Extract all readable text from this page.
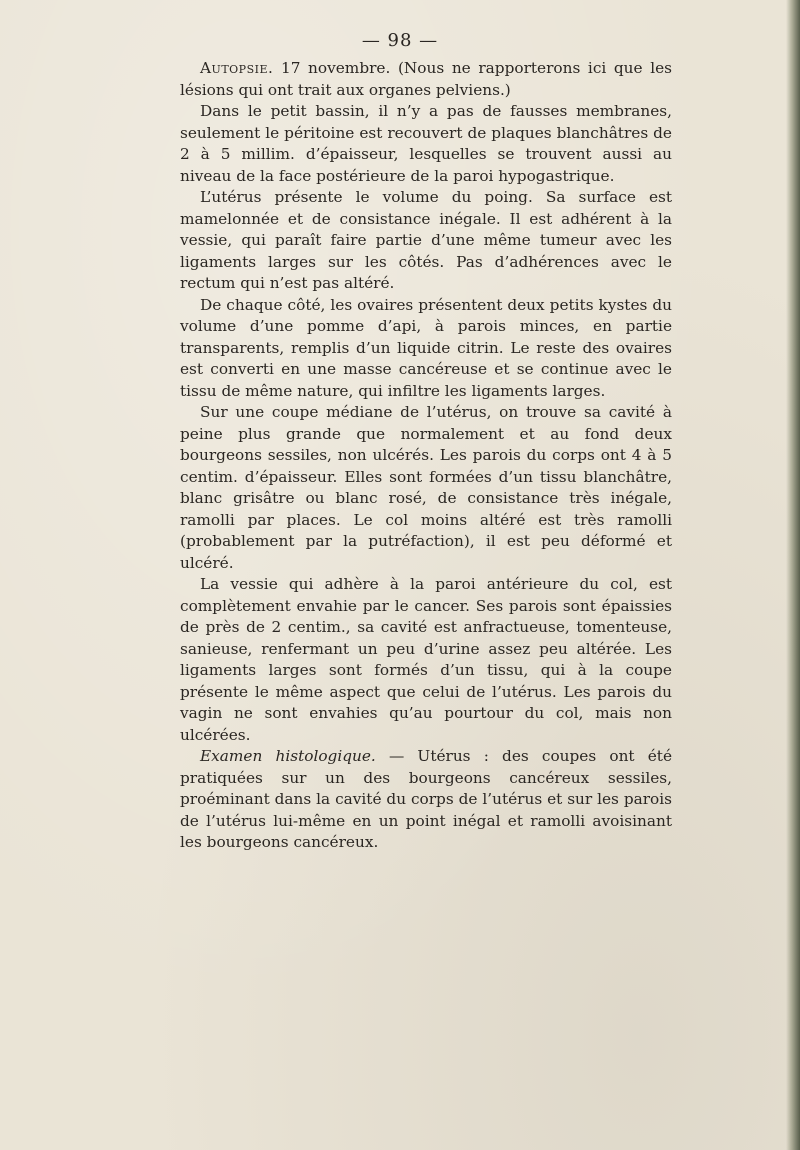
— 98 —

Autopsie. 17 novembre. (Nous ne rapporterons ici que les lésions qui ont trait aux organes pelviens.)

Dans le petit bassin, il n’y a pas de fausses membranes, seulement le péritoine est recouvert de plaques blanchâtres de 2 à 5 millim. d’épaisseur, lesquelles se trouvent aussi au niveau de la face postérieure de la paroi hypogastrique.

L’utérus présente le volume du poing. Sa surface est mamelonnée et de consistance inégale. Il est adhérent à la vessie, qui paraît faire partie d’une même tumeur avec les ligaments larges sur les côtés. Pas d’adhérences avec le rectum qui n’est pas altéré.

De chaque côté, les ovaires présentent deux petits kystes du volume d’une pomme d’api, à parois minces, en partie transparents, remplis d’un liquide citrin. Le reste des ovaires est converti en une masse cancéreuse et se continue avec le tissu de même nature, qui infiltre les ligaments larges.

Sur une coupe médiane de l’utérus, on trouve sa cavité à peine plus grande que normalement et au fond deux bourgeons sessiles, non ulcérés. Les parois du corps ont 4 à 5 centim. d’épaisseur. Elles sont formées d’un tissu blanchâtre, blanc grisâtre ou blanc rosé, de consistance très inégale, ramolli par places. Le col moins altéré est très ramolli (probablement par la putréfaction), il est peu déformé et ulcéré.

La vessie qui adhère à la paroi antérieure du col, est complètement envahie par le cancer. Ses parois sont épaissies de près de 2 centim., sa cavité est anfractueuse, tomenteuse, sanieuse, renfermant un peu d’urine assez peu altérée. Les ligaments larges sont formés d’un tissu, qui à la coupe présente le même aspect que celui de l’utérus. Les parois du vagin ne sont envahies qu’au pourtour du col, mais non ulcérées.

Examen histologique. — Utérus : des coupes ont été pratiquées sur un des bourgeons cancéreux sessiles, proéminant dans la cavité du corps de l’utérus et sur les parois de l’utérus lui-même en un point inégal et ramolli avoisinant les bourgeons cancéreux.
